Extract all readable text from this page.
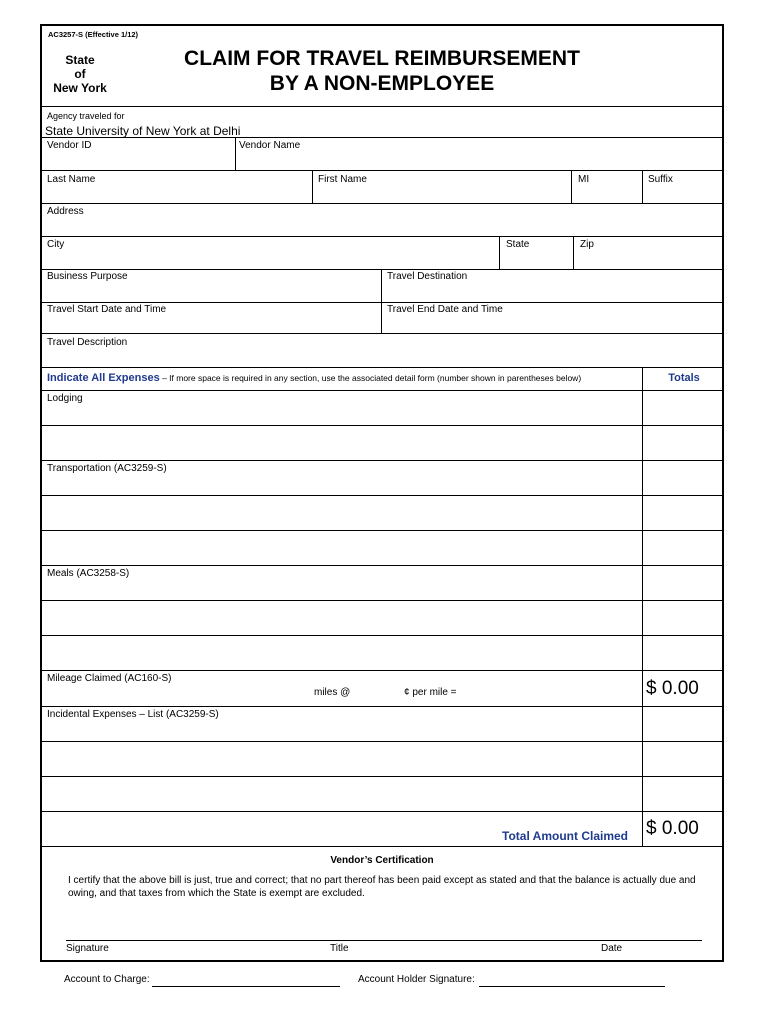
AC3257-S (Effective 1/12)
State
of
New York
CLAIM FOR TRAVEL REIMBURSEMENT
BY A NON-EMPLOYEE
Agency traveled for
State University of New York at Delhi
Vendor ID	Vendor Name
Last Name	First Name	MI	Suffix
Address
City	State	Zip
Business Purpose	Travel Destination
Travel Start Date and Time	Travel End Date and Time
Travel Description
Indicate All Expenses – If more space is required in any section, use the associated detail form (number shown in parentheses below)	Totals
Lodging
Transportation (AC3259-S)
Meals (AC3258-S)
Mileage Claimed (AC160-S)
miles @	¢ per mile =	$ 0.00
Incidental Expenses – List (AC3259-S)
Total Amount Claimed $ 0.00
Vendor’s Certification
I certify that the above bill is just, true and correct; that no part thereof has been paid except as stated and that the balance is actually due and owing, and that taxes from which the State is exempt are excluded.
Signature	Title	Date
Account to Charge:	Account Holder Signature:
